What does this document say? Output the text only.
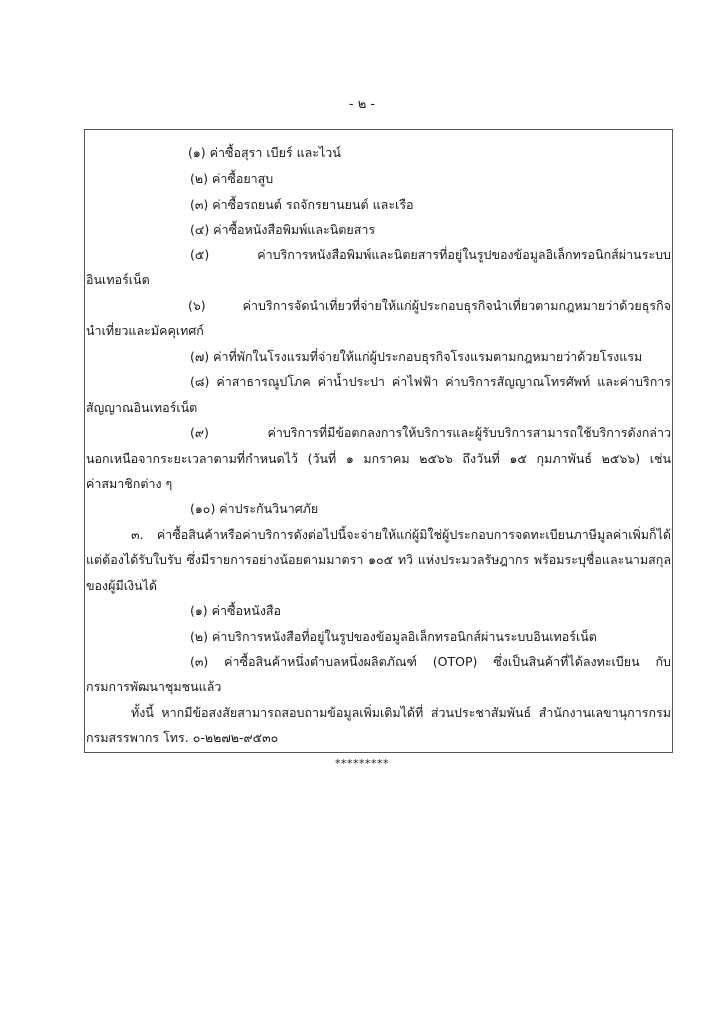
- ๒ -
(๑) ค่าซื้อสุรา เบียร์ และไวน์
(๒) ค่าซื้อยาสูบ
(๓) ค่าซื้อรถยนต์ รถจักรยานยนต์ และเรือ
(๔) ค่าซื้อหนังสือพิมพ์และนิตยสาร
(๕) ค่าบริการหนังสือพิมพ์และนิตยสารที่อยู่ในรูปของข้อมูลอิเล็กทรอนิกส์ผ่านระบบ
อินเทอร์เน็ต
(๖) ค่าบริการจัดนำเที่ยวที่จ่ายให้แก่ผู้ประกอบธุรกิจนำเที่ยวตามกฎหมายว่าด้วยธุรกิจ
นำเที่ยวและมัคคุเทศก์
(๗) ค่าที่พักในโรงแรมที่จ่ายให้แก่ผู้ประกอบธุรกิจโรงแรมตามกฎหมายว่าด้วยโรงแรม
(๘) ค่าสาธารณูปโภค ค่าน้ำประปา ค่าไฟฟ้า ค่าบริการสัญญาณโทรศัพท์ และค่าบริการ
สัญญาณอินเทอร์เน็ต
(๙) ค่าบริการที่มีข้อตกลงการให้บริการและผู้รับบริการสามารถใช้บริการดังกล่าว
นอกเหนือจากระยะเวลาตามที่กำหนดไว้ (วันที่ ๑ มกราคม ๒๕๖๖ ถึงวันที่ ๑๕ กุมภาพันธ์ ๒๕๖๖) เช่น
ค่าสมาชิกต่าง ๆ
(๑๐) ค่าประกันวินาศภัย
๓. ค่าซื้อสินค้าหรือค่าบริการดังต่อไปนี้จะจ่ายให้แก่ผู้มิใช่ผู้ประกอบการจดทะเบียนภาษีมูลค่าเพิ่มก็ได้
แต่ต้องได้รับใบรับ ซึ่งมีรายการอย่างน้อยตามมาตรา ๑๐๕ ทวิ แห่งประมวลรัษฎากร พร้อมระบุชื่อและนามสกุล
ของผู้มีเงินได้
(๑) ค่าซื้อหนังสือ
(๒) ค่าบริการหนังสือที่อยู่ในรูปของข้อมูลอิเล็กทรอนิกส์ผ่านระบบอินเทอร์เน็ต
(๓) ค่าซื้อสินค้าหนึ่งตำบลหนึ่งผลิตภัณฑ์ (OTOP) ซึ่งเป็นสินค้าที่ได้ลงทะเบียน กับ
กรมการพัฒนาชุมชนแล้ว
ทั้งนี้ หากมีข้อสงสัยสามารถสอบถามข้อมูลเพิ่มเติมได้ที่ ส่วนประชาสัมพันธ์ สำนักงานเลขานุการกรม
กรมสรรพากร โทร. ๐-๒๒๗๒-๙๕๓๐
*********
